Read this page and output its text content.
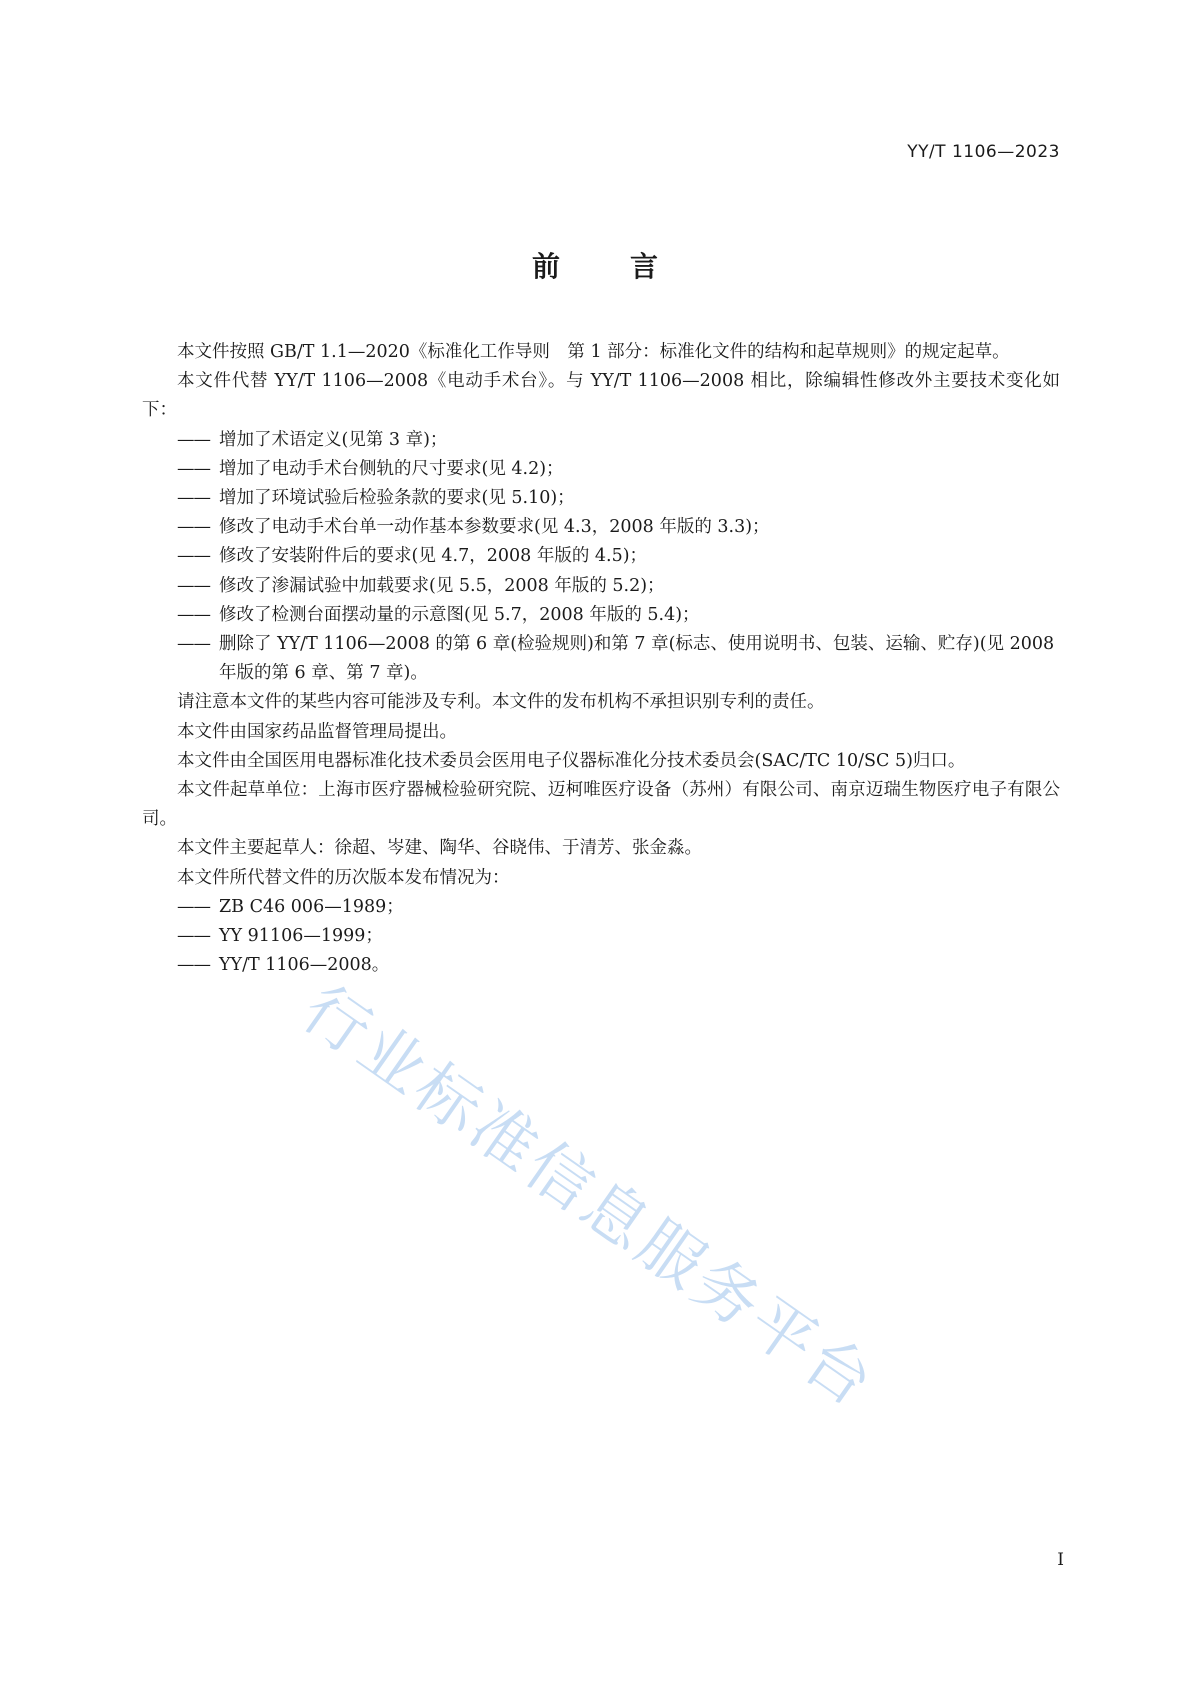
YY/T 1106—2023
前	言

本文件按照 GB/T 1.1—2020《标准化工作导则　第 1 部分：标准化文件的结构和起草规则》的规定起草。

本文件代替 YY/T 1106—2008《电动手术台》。与 YY/T 1106—2008 相比，除编辑性修改外主要技术变化如下：

—— 增加了术语定义(见第 3 章)；

—— 增加了电动手术台侧轨的尺寸要求(见 4.2)；

—— 增加了环境试验后检验条款的要求(见 5.10)；

—— 修改了电动手术台单一动作基本参数要求(见 4.3，2008 年版的 3.3)；

—— 修改了安装附件后的要求(见 4.7，2008 年版的 4.5)；

—— 修改了渗漏试验中加载要求(见 5.5，2008 年版的 5.2)；

—— 修改了检测台面摆动量的示意图(见 5.7，2008 年版的 5.4)；

—— 删除了 YY/T 1106—2008 的第 6 章(检验规则)和第 7 章(标志、使用说明书、包装、运输、贮存)(见 2008 年版的第 6 章、第 7 章)。

请注意本文件的某些内容可能涉及专利。本文件的发布机构不承担识别专利的责任。

本文件由国家药品监督管理局提出。

本文件由全国医用电器标准化技术委员会医用电子仪器标准化分技术委员会(SAC/TC 10/SC 5)归口。

本文件起草单位：上海市医疗器械检验研究院、迈柯唯医疗设备（苏州）有限公司、南京迈瑞生物医疗电子有限公司。

本文件主要起草人：徐超、岑建、陶华、谷晓伟、于清芳、张金淼。

本文件所代替文件的历次版本发布情况为：

—— ZB C46 006—1989；

—— YY 91106—1999；

—— YY/T 1106—2008。

行业标准信息服务平台
I
